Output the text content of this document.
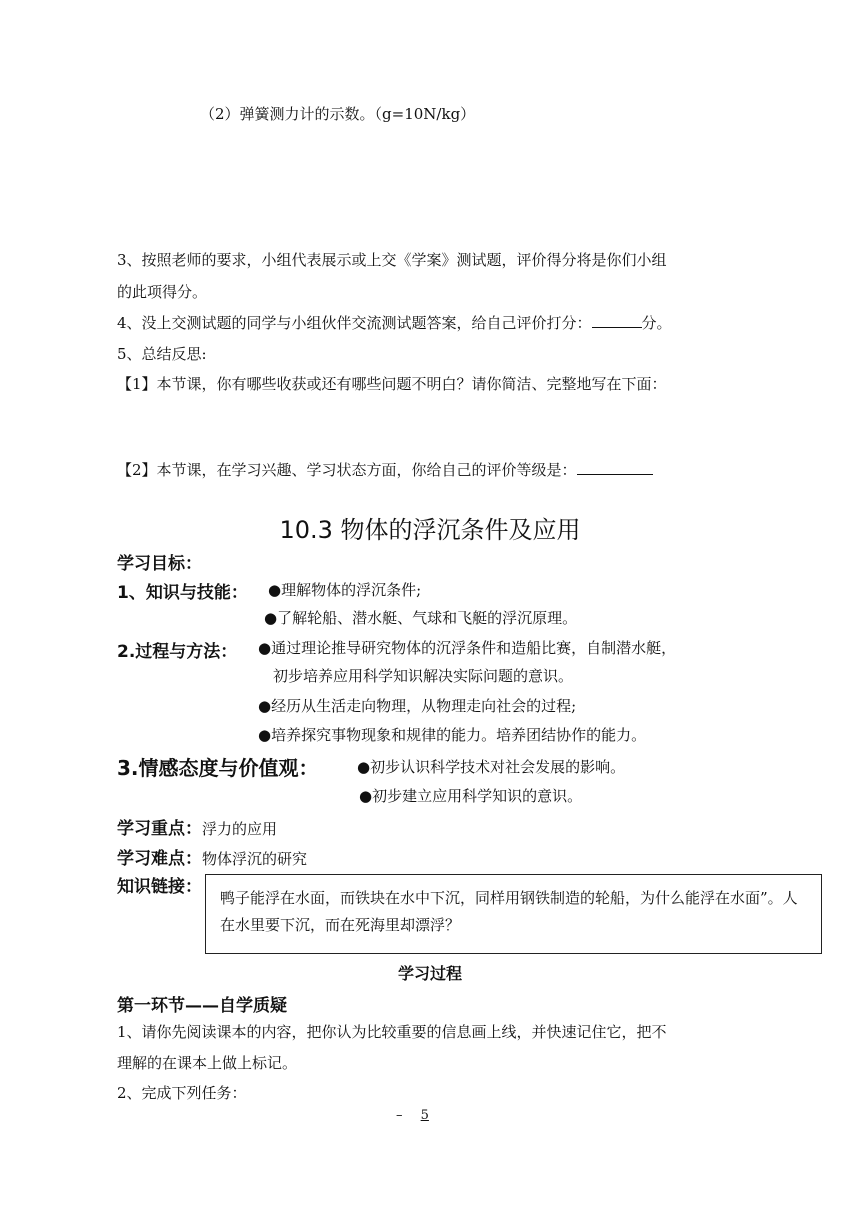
（2）弹簧测力计的示数。（g=10N/kg）
3、按照老师的要求，小组代表展示或上交《学案》测试题，评价得分将是你们小组
的此项得分。
4、没上交测试题的同学与小组伙伴交流测试题答案，给自己评价打分：	分。
5、总结反思:
【1】本节课，你有哪些收获或还有哪些问题不明白？请你简洁、完整地写在下面：
【2】本节课，在学习兴趣、学习状态方面，你给自己的评价等级是：
10.3 物体的浮沉条件及应用
学习目标：
1、知识与技能： ●理解物体的浮沉条件;
●了解轮船、潜水艇、气球和飞艇的浮沉原理。
2.过程与方法： ●通过理论推导研究物体的沉浮条件和造船比赛，自制潜水艇，
初步培养应用科学知识解决实际问题的意识。
●经历从生活走向物理，从物理走向社会的过程;
●培养探究事物现象和规律的能力。培养团结协作的能力。
3.情感态度与价值观：	●初步认识科学技术对社会发展的影响。
●初步建立应用科学知识的意识。
学习重点：浮力的应用
学习难点：物体浮沉的研究
知识链接：
鸭子能浮在水面，而铁块在水中下沉，同样用钢铁制造的轮船，为什么能浮在水面”。人在水里要下沉，而在死海里却漂浮？
学习过程
第一环节——自学质疑
1、请你先阅读课本的内容，把你认为比较重要的信息画上线，并快速记住它，把不
理解的在课本上做上标记。
2、完成下列任务：
– 5
